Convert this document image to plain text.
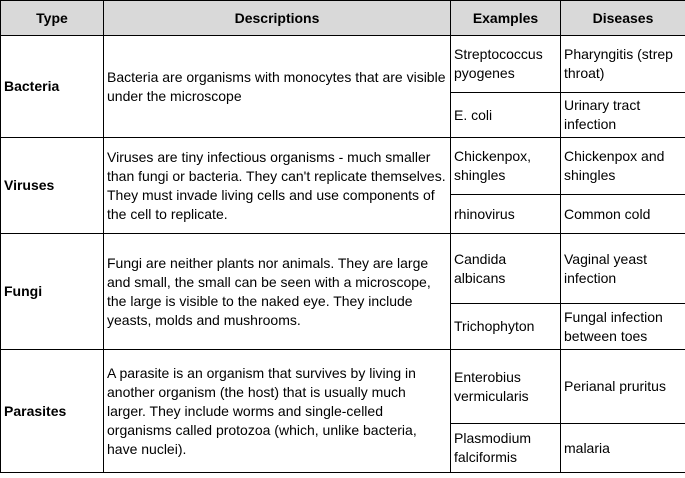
Type	Descriptions	Examples	Diseases
Bacteria	Bacteria are organisms with monocytes that are visible under the microscope	Streptococcus pyogenes	Pharyngitis (strep throat)
		E. coli	Urinary tract infection
Viruses	Viruses are tiny infectious organisms - much smaller than fungi or bacteria. They can't replicate themselves. They must invade living cells and use components of the cell to replicate.	Chickenpox, shingles	Chickenpox and shingles
		rhinovirus	Common cold
Fungi	Fungi are neither plants nor animals. They are large and small, the small can be seen with a microscope, the large is visible to the naked eye. They include yeasts, molds and mushrooms.	Candida albicans	Vaginal yeast infection
		Trichophyton	Fungal infection between toes
Parasites	A parasite is an organism that survives by living in another organism (the host) that is usually much larger. They include worms and single-celled organisms called protozoa (which, unlike bacteria, have nuclei).	Enterobius vermicularis	Perianal pruritus
		Plasmodium falciformis	malaria
